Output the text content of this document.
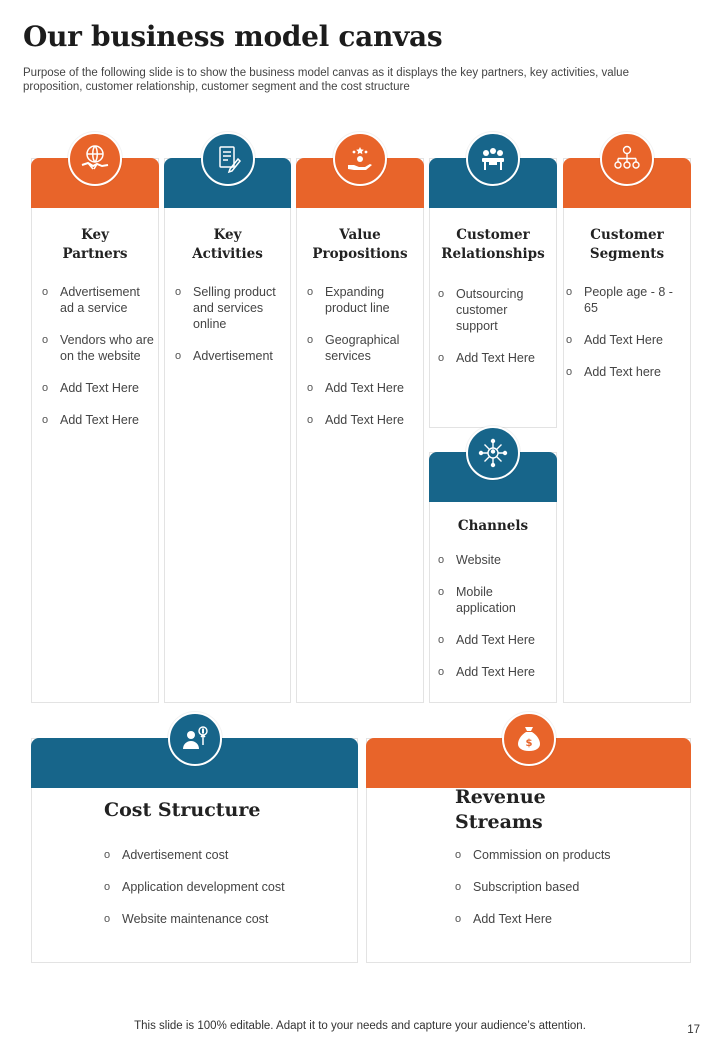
Our business model canvas
Purpose of the following slide is to show the business model canvas as it displays the key partners, key activities, value proposition, customer relationship, customer segment and the cost structure
Key
Partners
o Advertisement ad a service
o Vendors who are on the website
o Add Text Here
o Add Text Here
Key
Activities
o Selling product and services online
o Advertisement
Value
Propositions
o Expanding product line
o Geographical services
o Add Text Here
o Add Text Here
Customer
Relationships
o Outsourcing customer support
o Add Text Here
Channels
o Website
o Mobile application
o Add Text Here
o Add Text Here
Customer
Segments
o People age - 8 - 65
o Add Text Here
o Add Text here
Cost Structure
o Advertisement cost
o Application development cost
o Website maintenance cost
$
Revenue
Streams
o Commission on products
o Subscription based
o Add Text Here
This slide is 100% editable. Adapt it to your needs and capture your audience’s attention.	17
